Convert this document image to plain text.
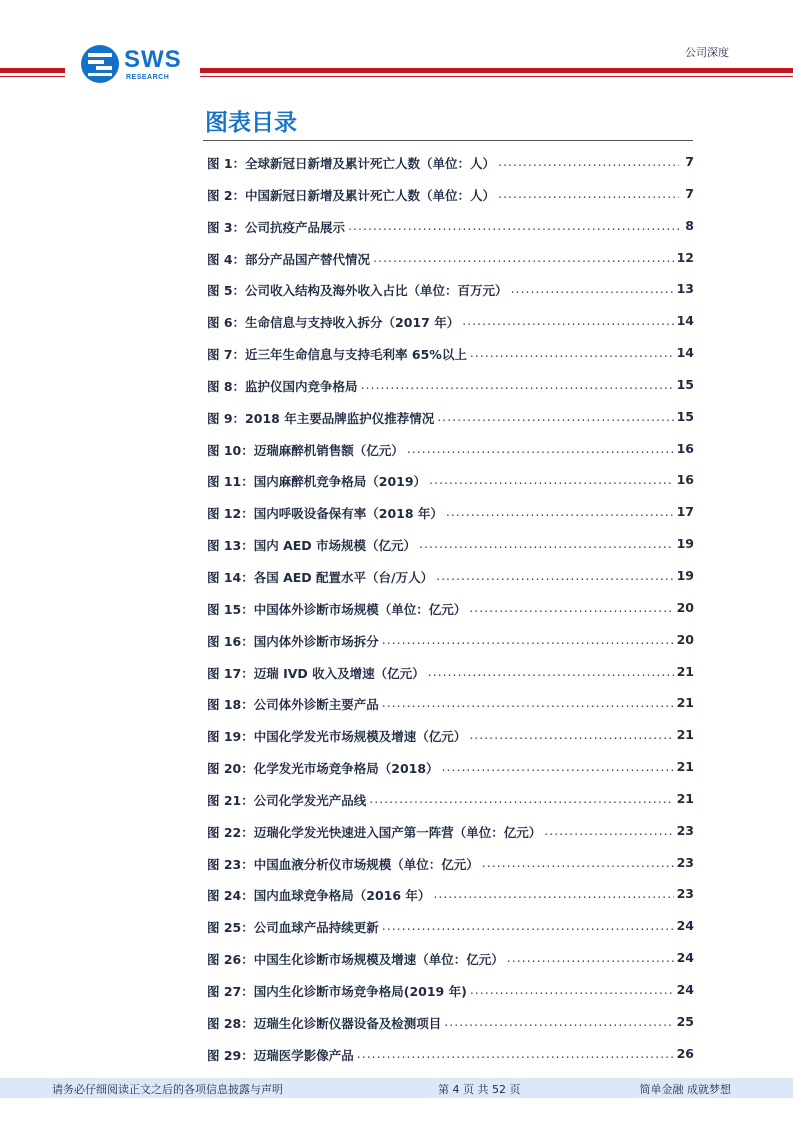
SWS
RESEARCH
公司深度
图表目录
图 1：全球新冠日新增及累计死亡人数（单位：人） .....	7
图 2：中国新冠日新增及累计死亡人数（单位：人） .....	7
图 3：公司抗疫产品展示 .....	8
图 4：部分产品国产替代情况 .....	12
图 5：公司收入结构及海外收入占比（单位：百万元） .....	13
图 6：生命信息与支持收入拆分（2017 年） .....	14
图 7：近三年生命信息与支持毛利率 65%以上 .....	14
图 8：监护仪国内竞争格局 .....	15
图 9：2018 年主要品牌监护仪推荐情况 .....	15
图 10：迈瑞麻醉机销售额（亿元） .....	16
图 11：国内麻醉机竞争格局（2019） .....	16
图 12：国内呼吸设备保有率（2018 年） .....	17
图 13：国内 AED 市场规模（亿元） .....	19
图 14：各国 AED 配置水平（台/万人） .....	19
图 15：中国体外诊断市场规模（单位：亿元） .....	20
图 16：国内体外诊断市场拆分 .....	20
图 17：迈瑞 IVD 收入及增速（亿元） .....	21
图 18：公司体外诊断主要产品 .....	21
图 19：中国化学发光市场规模及增速（亿元） .....	21
图 20：化学发光市场竞争格局（2018） .....	21
图 21：公司化学发光产品线 .....	21
图 22：迈瑞化学发光快速进入国产第一阵营（单位：亿元） .....	23
图 23：中国血液分析仪市场规模（单位：亿元） .....	23
图 24：国内血球竞争格局（2016 年） .....	23
图 25：公司血球产品持续更新 .....	24
图 26：中国生化诊断市场规模及增速（单位：亿元） .....	24
图 27：国内生化诊断市场竞争格局(2019 年) .....	24
图 28：迈瑞生化诊断仪器设备及检测项目 .....	25
图 29：迈瑞医学影像产品 .....	26
请务必仔细阅读正文之后的各项信息披露与声明	第 4 页 共 52 页	简单金融 成就梦想
